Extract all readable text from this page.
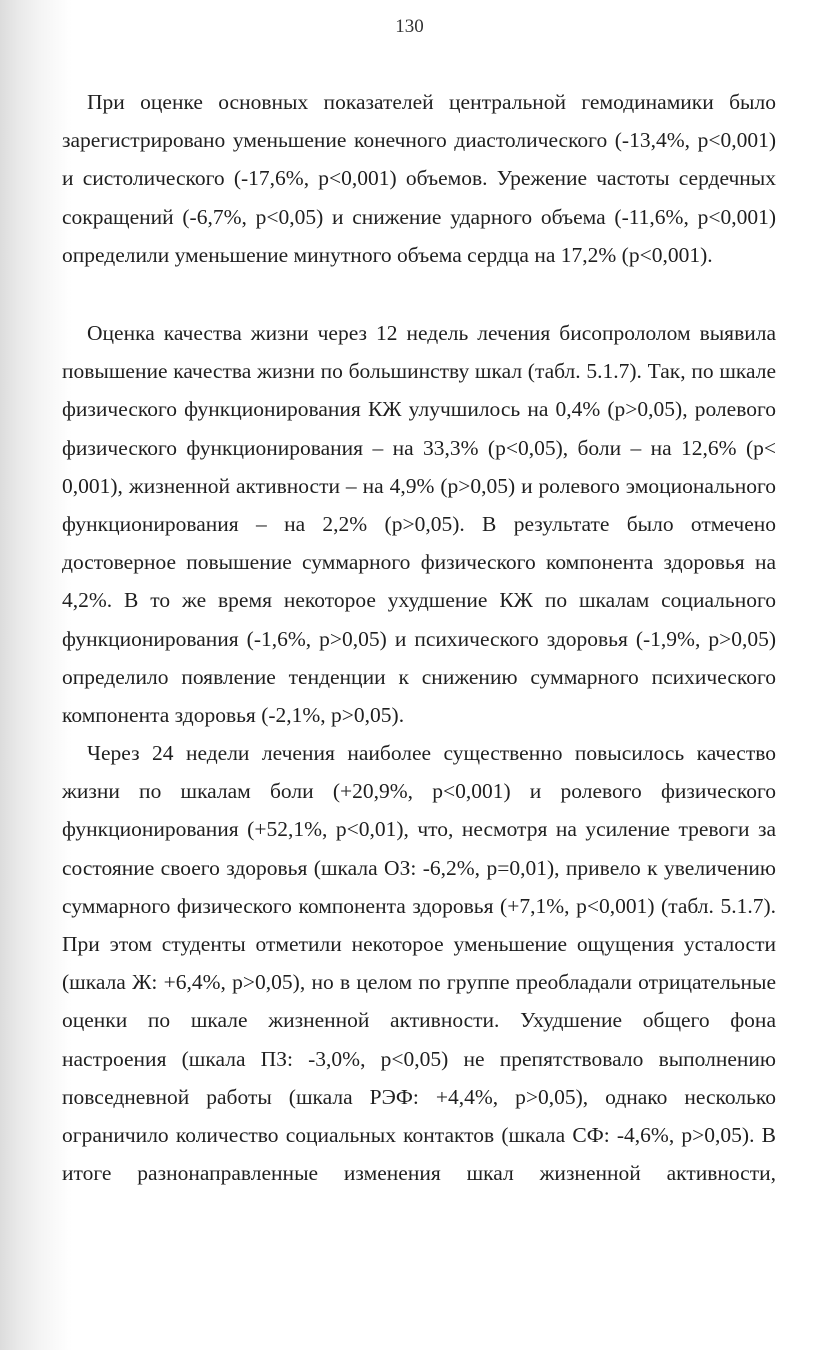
130

При оценке основных показателей центральной гемодинамики было
зарегистрировано уменьшение конечного диастолического (-13,4%, p<0,001)
и систолического (-17,6%, p<0,001) объемов. Урежение частоты сердечных
сокращений (-6,7%, p<0,05) и снижение ударного объема (-11,6%, p<0,001)
определили уменьшение минутного объема сердца на 17,2% (p<0,001).

Оценка качества жизни через 12 недель лечения бисопрололом выявила
повышение качества жизни по большинству шкал (табл. 5.1.7). Так, по шкале
физического функционирования КЖ улучшилось на 0,4% (p>0,05), ролевого
физического функционирования – на 33,3% (p<0,05), боли – на 12,6% (p<
0,001), жизненной активности – на 4,9% (p>0,05) и ролевого эмоционального
функционирования – на 2,2% (p>0,05). В результате было отмечено
достоверное повышение суммарного физического компонента здоровья на
4,2%. В то же время некоторое ухудшение КЖ по шкалам социального
функционирования (-1,6%, p>0,05) и психического здоровья (-1,9%, p>0,05)
определило появление тенденции к снижению суммарного психического
компонента здоровья (-2,1%, p>0,05).

Через 24 недели лечения наиболее существенно повысилось качество
жизни по шкалам боли (+20,9%, p<0,001) и ролевого физического
функционирования (+52,1%, p<0,01), что, несмотря на усиление тревоги за
состояние своего здоровья (шкала ОЗ: -6,2%, p=0,01), привело к увеличению
суммарного физического компонента здоровья (+7,1%, p<0,001) (табл. 5.1.7).
При этом студенты отметили некоторое уменьшение ощущения усталости
(шкала Ж: +6,4%, p>0,05), но в целом по группе преобладали отрицательные
оценки по шкале жизненной активности. Ухудшение общего фона
настроения (шкала ПЗ: -3,0%, p<0,05) не препятствовало выполнению
повседневной работы (шкала РЭФ: +4,4%, p>0,05), однако несколько
ограничило количество социальных контактов (шкала СФ: -4,6%, p>0,05). В
итоге разнонаправленные изменения шкал жизненной активности,
